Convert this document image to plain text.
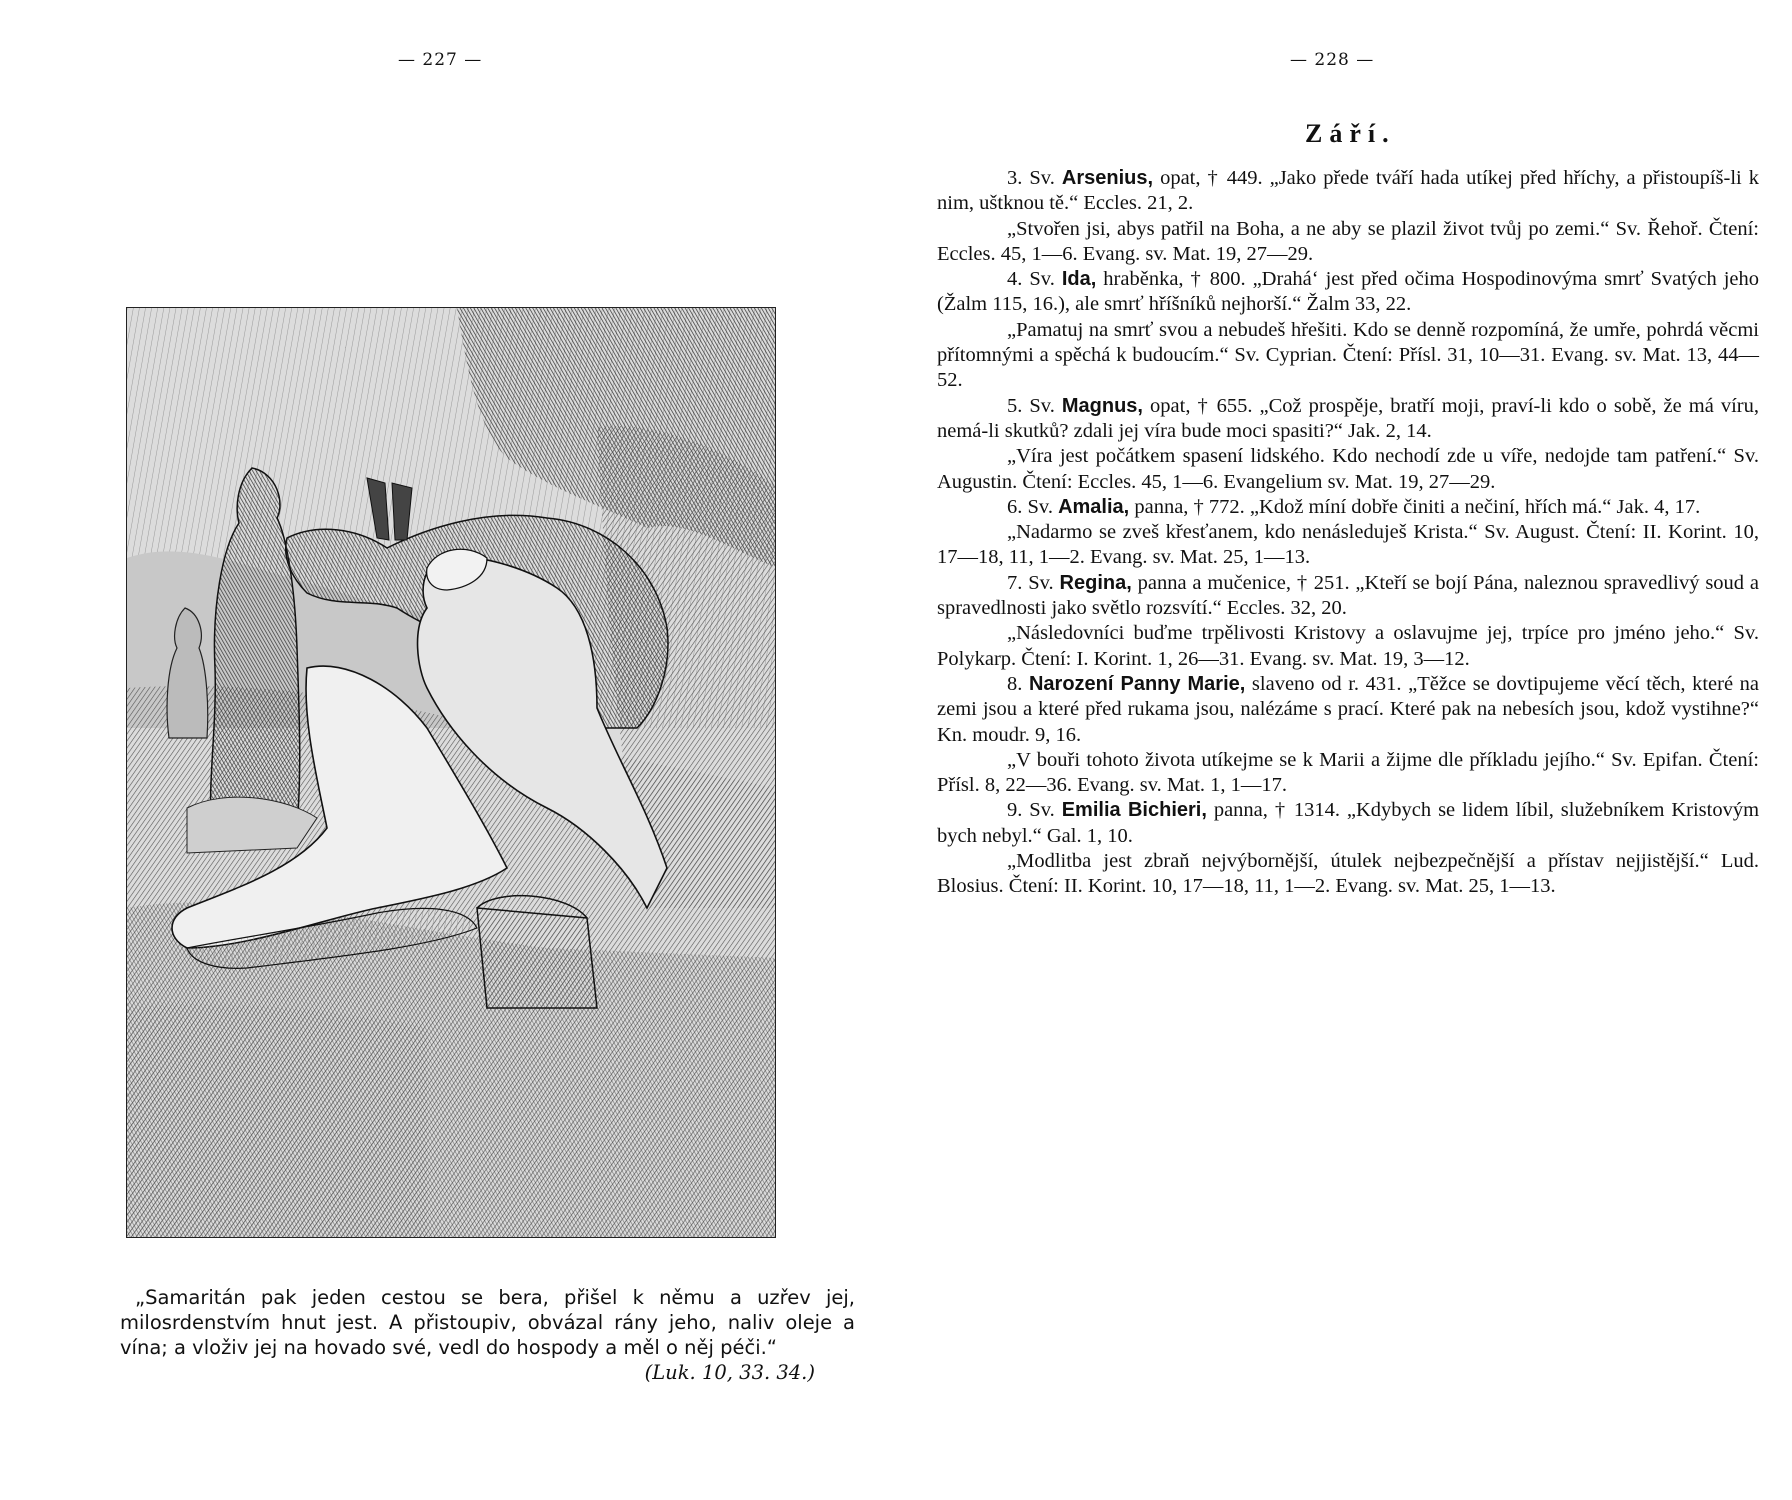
— 227 —	— 228 —

„Samaritán pak jeden cestou se bera, přišel k němu a uzřev jej, milosrdenstvím hnut jest. A přistoupiv, obvázal rány jeho, naliv oleje a vína; a vloživ jej na hovado své, vedl do hospody a měl o něj péči.“

(Luk. 10, 33. 34.)
Září.

3. Sv. Arsenius, opat, † 449. „Jako přede tváří hada utíkej před hříchy, a přistoupíš-li k nim, uštknou tě.“ Eccles. 21, 2.

„Stvořen jsi, abys patřil na Boha, a ne aby se plazil život tvůj po zemi.“ Sv. Řehoř. Čtení: Eccles. 45, 1—6. Evang. sv. Mat. 19, 27—29.

4. Sv. Ida, hraběnka, † 800. „Drahá‘ jest před očima Hospodinovýma smrť Svatých jeho (Žalm 115, 16.), ale smrť hříšníků nejhorší.“ Žalm 33, 22.

„Pamatuj na smrť svou a nebudeš hřešiti. Kdo se denně rozpomíná, že umře, pohrdá věcmi přítomnými a spěchá k budoucím.“ Sv. Cyprian. Čtení: Přísl. 31, 10—31. Evang. sv. Mat. 13, 44—52.

5. Sv. Magnus, opat, † 655. „Což prospěje, bratří moji, praví-li kdo o sobě, že má víru, nemá-li skutků? zdali jej víra bude moci spasiti?“ Jak. 2, 14.

„Víra jest počátkem spasení lidského. Kdo nechodí zde u víře, nedojde tam patření.“ Sv. Augustin. Čtení: Eccles. 45, 1—6. Evangelium sv. Mat. 19, 27—29.

6. Sv. Amalia, panna, † 772. „Kdož míní dobře činiti a nečiní, hřích má.“ Jak. 4, 17.

„Nadarmo se zveš křesťanem, kdo nenásleduješ Krista.“ Sv. August. Čtení: II. Korint. 10, 17—18, 11, 1—2. Evang. sv. Mat. 25, 1—13.

7. Sv. Regina, panna a mučenice, † 251. „Kteří se bojí Pána, naleznou spravedlivý soud a spravedlnosti jako světlo rozsvítí.“ Eccles. 32, 20.

„Následovníci buďme trpělivosti Kristovy a oslavujme jej, trpíce pro jméno jeho.“ Sv. Polykarp. Čtení: I. Korint. 1, 26—31. Evang. sv. Mat. 19, 3—12.

8. Narození Panny Marie, slaveno od r. 431. „Těžce se dovtipujeme věcí těch, které na zemi jsou a které před rukama jsou, nalézáme s prací. Které pak na nebesích jsou, kdož vystihne?“ Kn. moudr. 9, 16.

„V bouři tohoto života utíkejme se k Marii a žijme dle příkladu jejího.“ Sv. Epifan. Čtení: Přísl. 8, 22—36. Evang. sv. Mat. 1, 1—17.

9. Sv. Emilia Bichieri, panna, † 1314. „Kdybych se lidem líbil, služebníkem Kristovým bych nebyl.“ Gal. 1, 10.

„Modlitba jest zbraň nejvýbornější, útulek nejbezpečnější a přístav nejjistější.“ Lud. Blosius. Čtení: II. Korint. 10, 17—18, 11, 1—2. Evang. sv. Mat. 25, 1—13.
